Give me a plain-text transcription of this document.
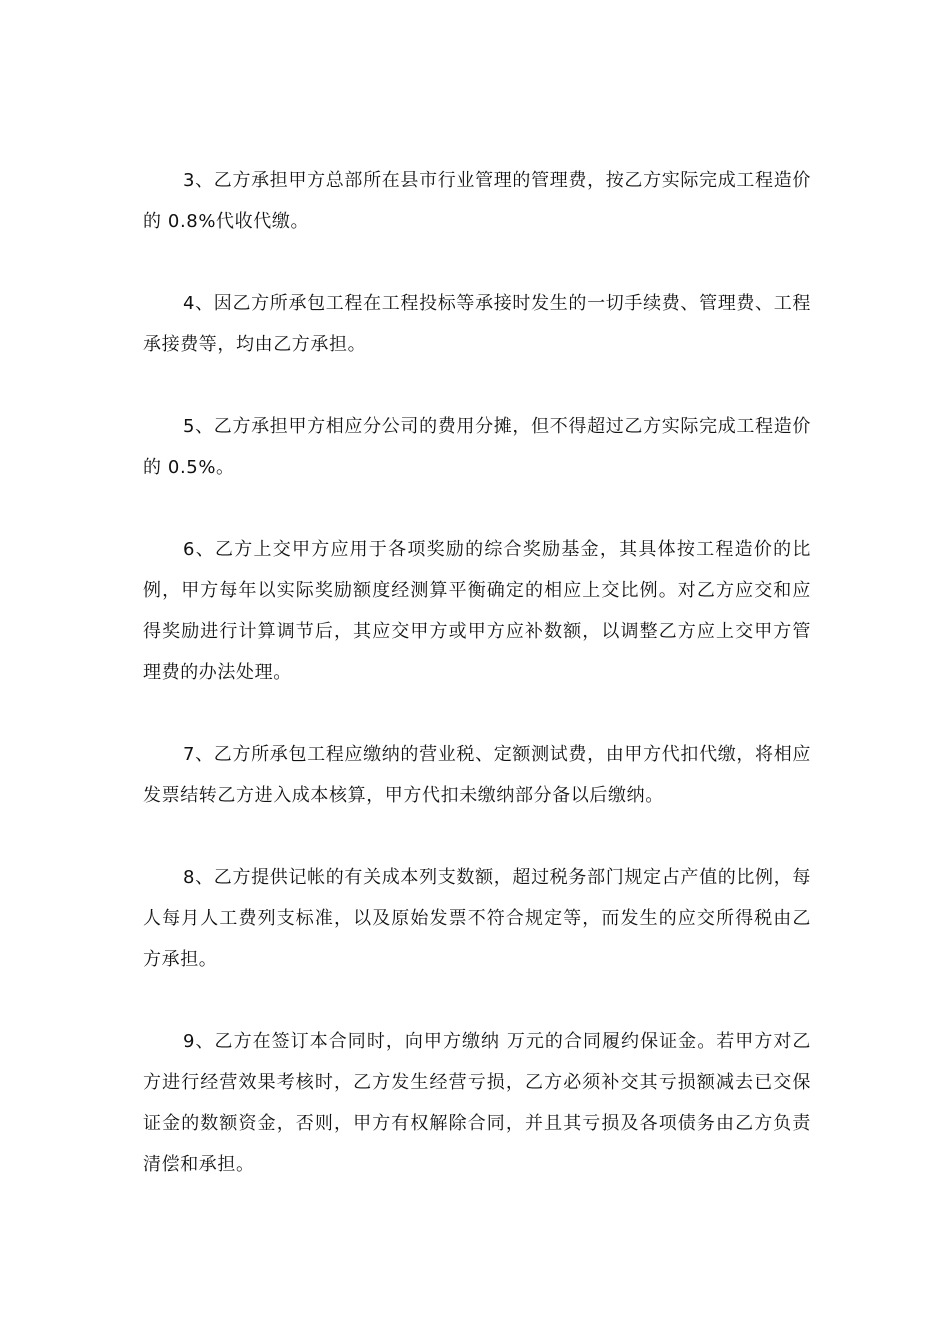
3、乙方承担甲方总部所在县市行业管理的管理费，按乙方实际完成工程造价的 0.8%代收代缴。

4、因乙方所承包工程在工程投标等承接时发生的一切手续费、管理费、工程承接费等，均由乙方承担。

5、乙方承担甲方相应分公司的费用分摊，但不得超过乙方实际完成工程造价的 0.5%。

6、乙方上交甲方应用于各项奖励的综合奖励基金，其具体按工程造价的比例，甲方每年以实际奖励额度经测算平衡确定的相应上交比例。对乙方应交和应得奖励进行计算调节后，其应交甲方或甲方应补数额，以调整乙方应上交甲方管理费的办法处理。

7、乙方所承包工程应缴纳的营业税、定额测试费，由甲方代扣代缴，将相应发票结转乙方进入成本核算，甲方代扣未缴纳部分备以后缴纳。

8、乙方提供记帐的有关成本列支数额，超过税务部门规定占产值的比例，每人每月人工费列支标准，以及原始发票不符合规定等，而发生的应交所得税由乙方承担。

9、乙方在签订本合同时，向甲方缴纳 万元的合同履约保证金。若甲方对乙方进行经营效果考核时，乙方发生经营亏损，乙方必须补交其亏损额减去已交保证金的数额资金，否则，甲方有权解除合同，并且其亏损及各项债务由乙方负责清偿和承担。
